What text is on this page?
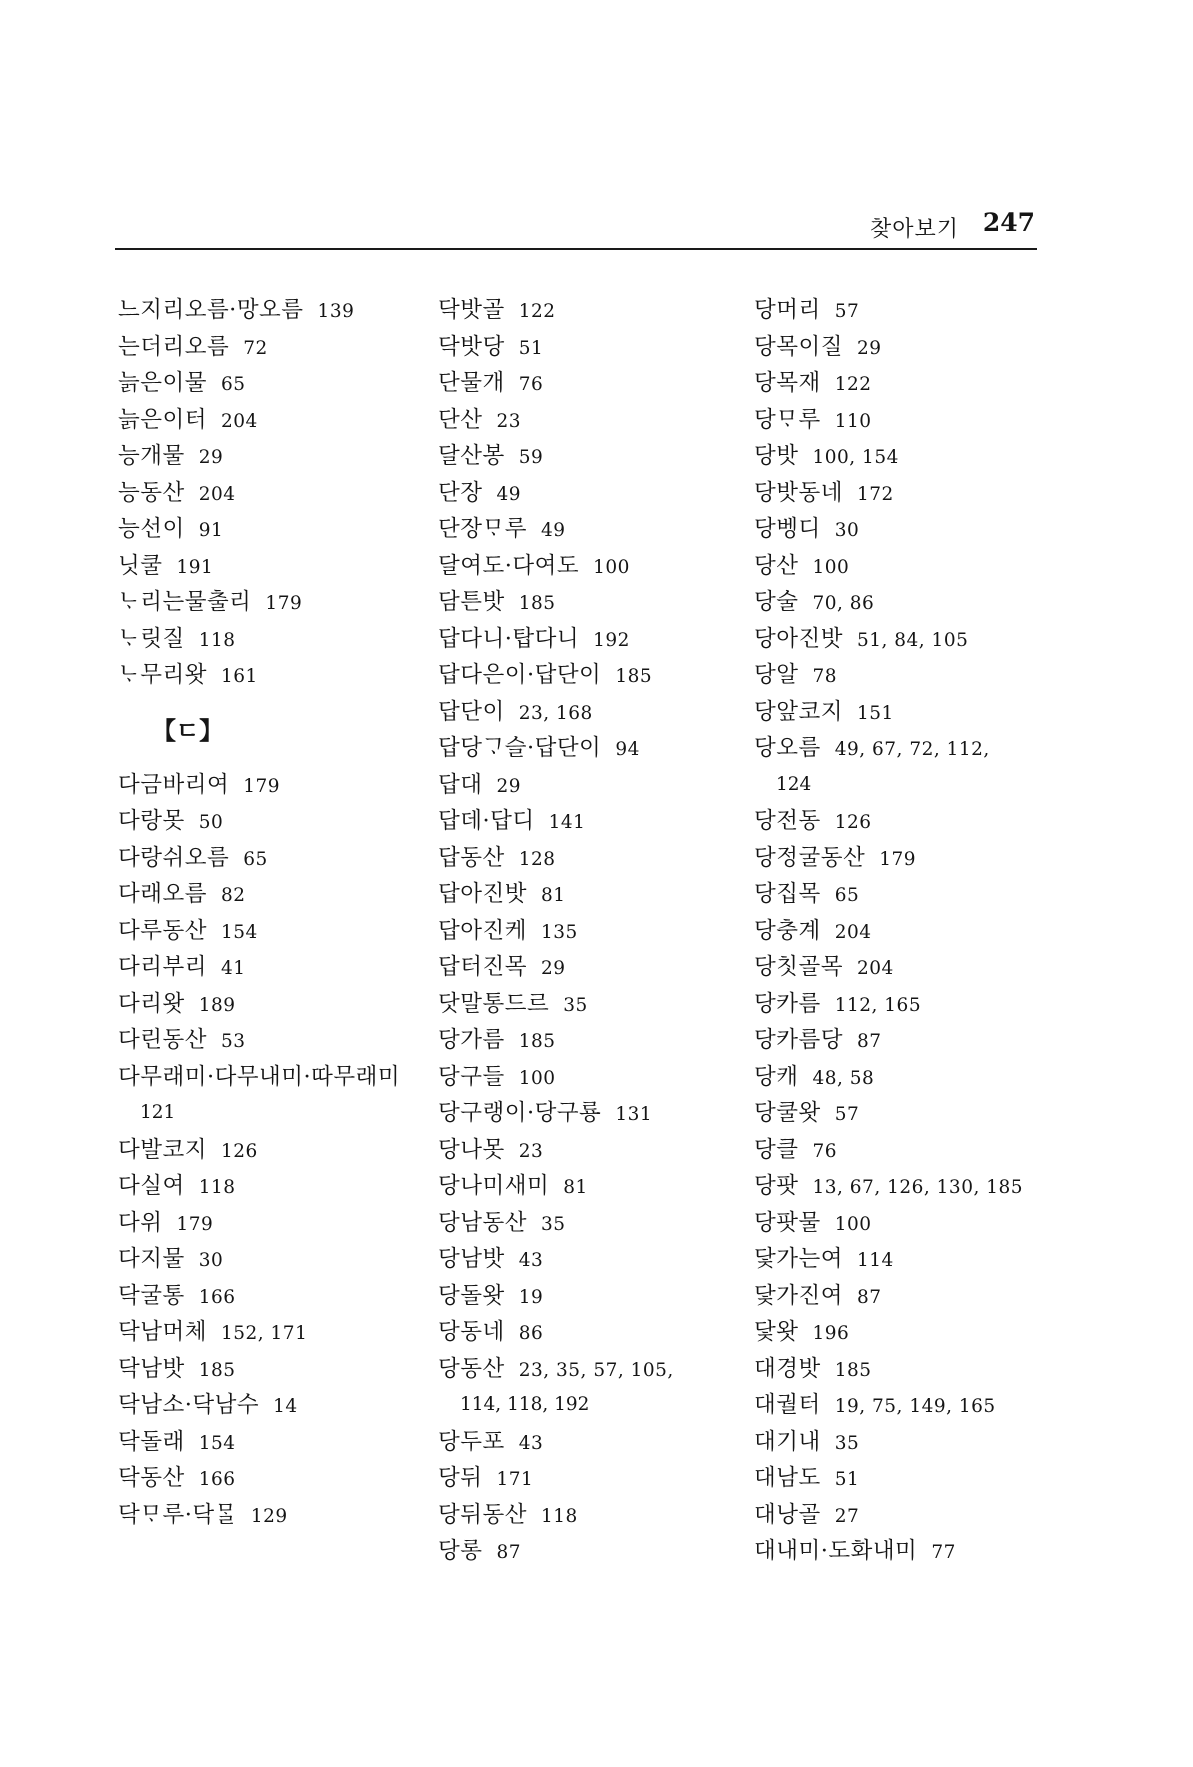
찾아보기 247
느지리오름·망오름 139
는더리오름 72
늙은이물 65
늙은이터 204
능개물 29
능동산 204
능선이 91
닛쿨 191
ᄂᆞ리는물출리 179
ᄂᆞ릿질 118
ᄂᆞ무리왓 161
【ㄷ】
다금바리여 179
다랑못 50
다랑쉬오름 65
다래오름 82
다루동산 154
다리부리 41
다리왓 189
다린동산 53
다무래미·다무내미·따무래미
121
다발코지 126
다실여 118
다위 179
다지물 30
닥굴통 166
닥남머체 152, 171
닥남밧 185
닥남소·닥남수 14
닥돌래 154
닥동산 166
닥ᄆᆞ루·닥ᄆᆞᆯ 129
닥밧골 122
닥밧당 51
단물개 76
단산 23
달산봉 59
단장 49
단장ᄆᆞ루 49
달여도·다여도 100
담튼밧 185
답다니·탑다니 192
답다은이·답단이 185
답단이 23, 168
답당ᄀᆞ슬·답단이 94
답대 29
답데·답디 141
답동산 128
답아진밧 81
답아진케 135
답터진목 29
닷말통드르 35
당가름 185
당구들 100
당구랭이·당구룡 131
당나못 23
당나미새미 81
당남동산 35
당남밧 43
당돌왓 19
당동네 86
당동산 23, 35, 57, 105,
114, 118, 192
당두포 43
당뒤 171
당뒤동산 118
당롱 87
당머리 57
당목이질 29
당목재 122
당ᄆᆞ루 110
당밧 100, 154
당밧동네 172
당벵디 30
당산 100
당술 70, 86
당아진밧 51, 84, 105
당알 78
당앞코지 151
당오름 49, 67, 72, 112,
124
당전동 126
당정굴동산 179
당집목 65
당충계 204
당칫골목 204
당카름 112, 165
당카름당 87
당캐 48, 58
당쿨왓 57
당클 76
당팟 13, 67, 126, 130, 185
당팟물 100
닻가는여 114
닻가진여 87
닻왓 196
대경밧 185
대궐터 19, 75, 149, 165
대기내 35
대남도 51
대낭골 27
대내미·도화내미 77
